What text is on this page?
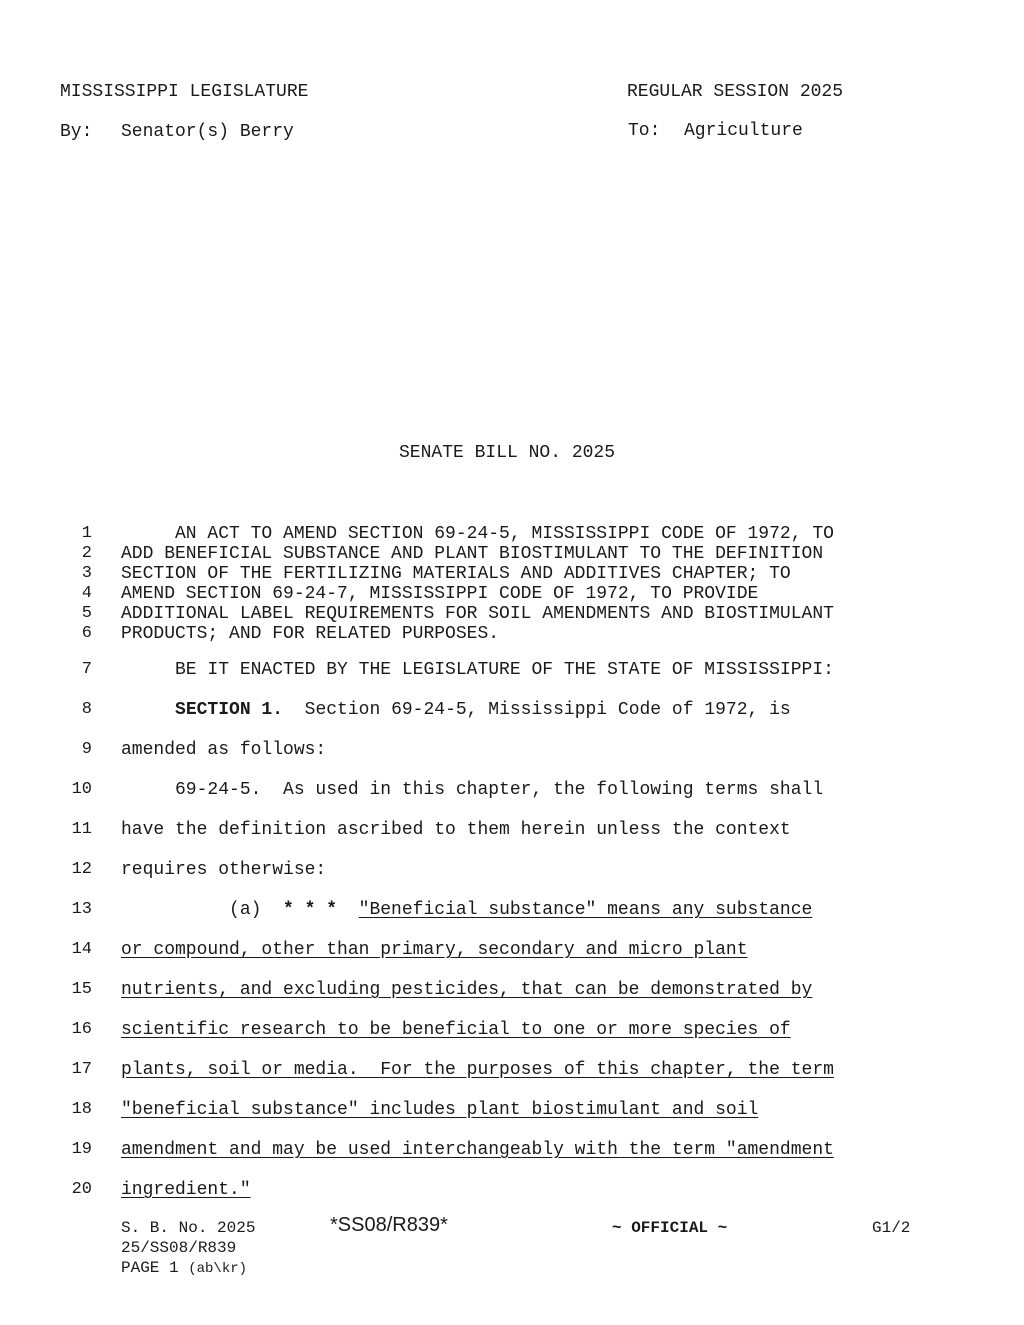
MISSISSIPPI LEGISLATURE	REGULAR SESSION 2025
By: Senator(s) Berry	To: Agriculture
SENATE BILL NO. 2025
1 AN ACT TO AMEND SECTION 69-24-5, MISSISSIPPI CODE OF 1972, TO
2 ADD BENEFICIAL SUBSTANCE AND PLANT BIOSTIMULANT TO THE DEFINITION
3 SECTION OF THE FERTILIZING MATERIALS AND ADDITIVES CHAPTER; TO
4 AMEND SECTION 69-24-7, MISSISSIPPI CODE OF 1972, TO PROVIDE
5 ADDITIONAL LABEL REQUIREMENTS FOR SOIL AMENDMENTS AND BIOSTIMULANT
6 PRODUCTS; AND FOR RELATED PURPOSES.
7 BE IT ENACTED BY THE LEGISLATURE OF THE STATE OF MISSISSIPPI:
8	SECTION 1.  Section 69-24-5, Mississippi Code of 1972, is
9 amended as follows:
10 69-24-5.  As used in this chapter, the following terms shall
11 have the definition ascribed to them herein unless the context
12 requires otherwise:
13 (a)  * * * "Beneficial substance" means any substance
14 or compound, other than primary, secondary and micro plant
15 nutrients, and excluding pesticides, that can be demonstrated by
16 scientific research to be beneficial to one or more species of
17 plants, soil or media.  For the purposes of this chapter, the term
18 "beneficial substance" includes plant biostimulant and soil
19 amendment and may be used interchangeably with the term "amendment
20 ingredient."
S. B. No. 2025	*SS08/R839*	~ OFFICIAL ~	G1/2
25/SS08/R839
PAGE 1 (ab\kr)
